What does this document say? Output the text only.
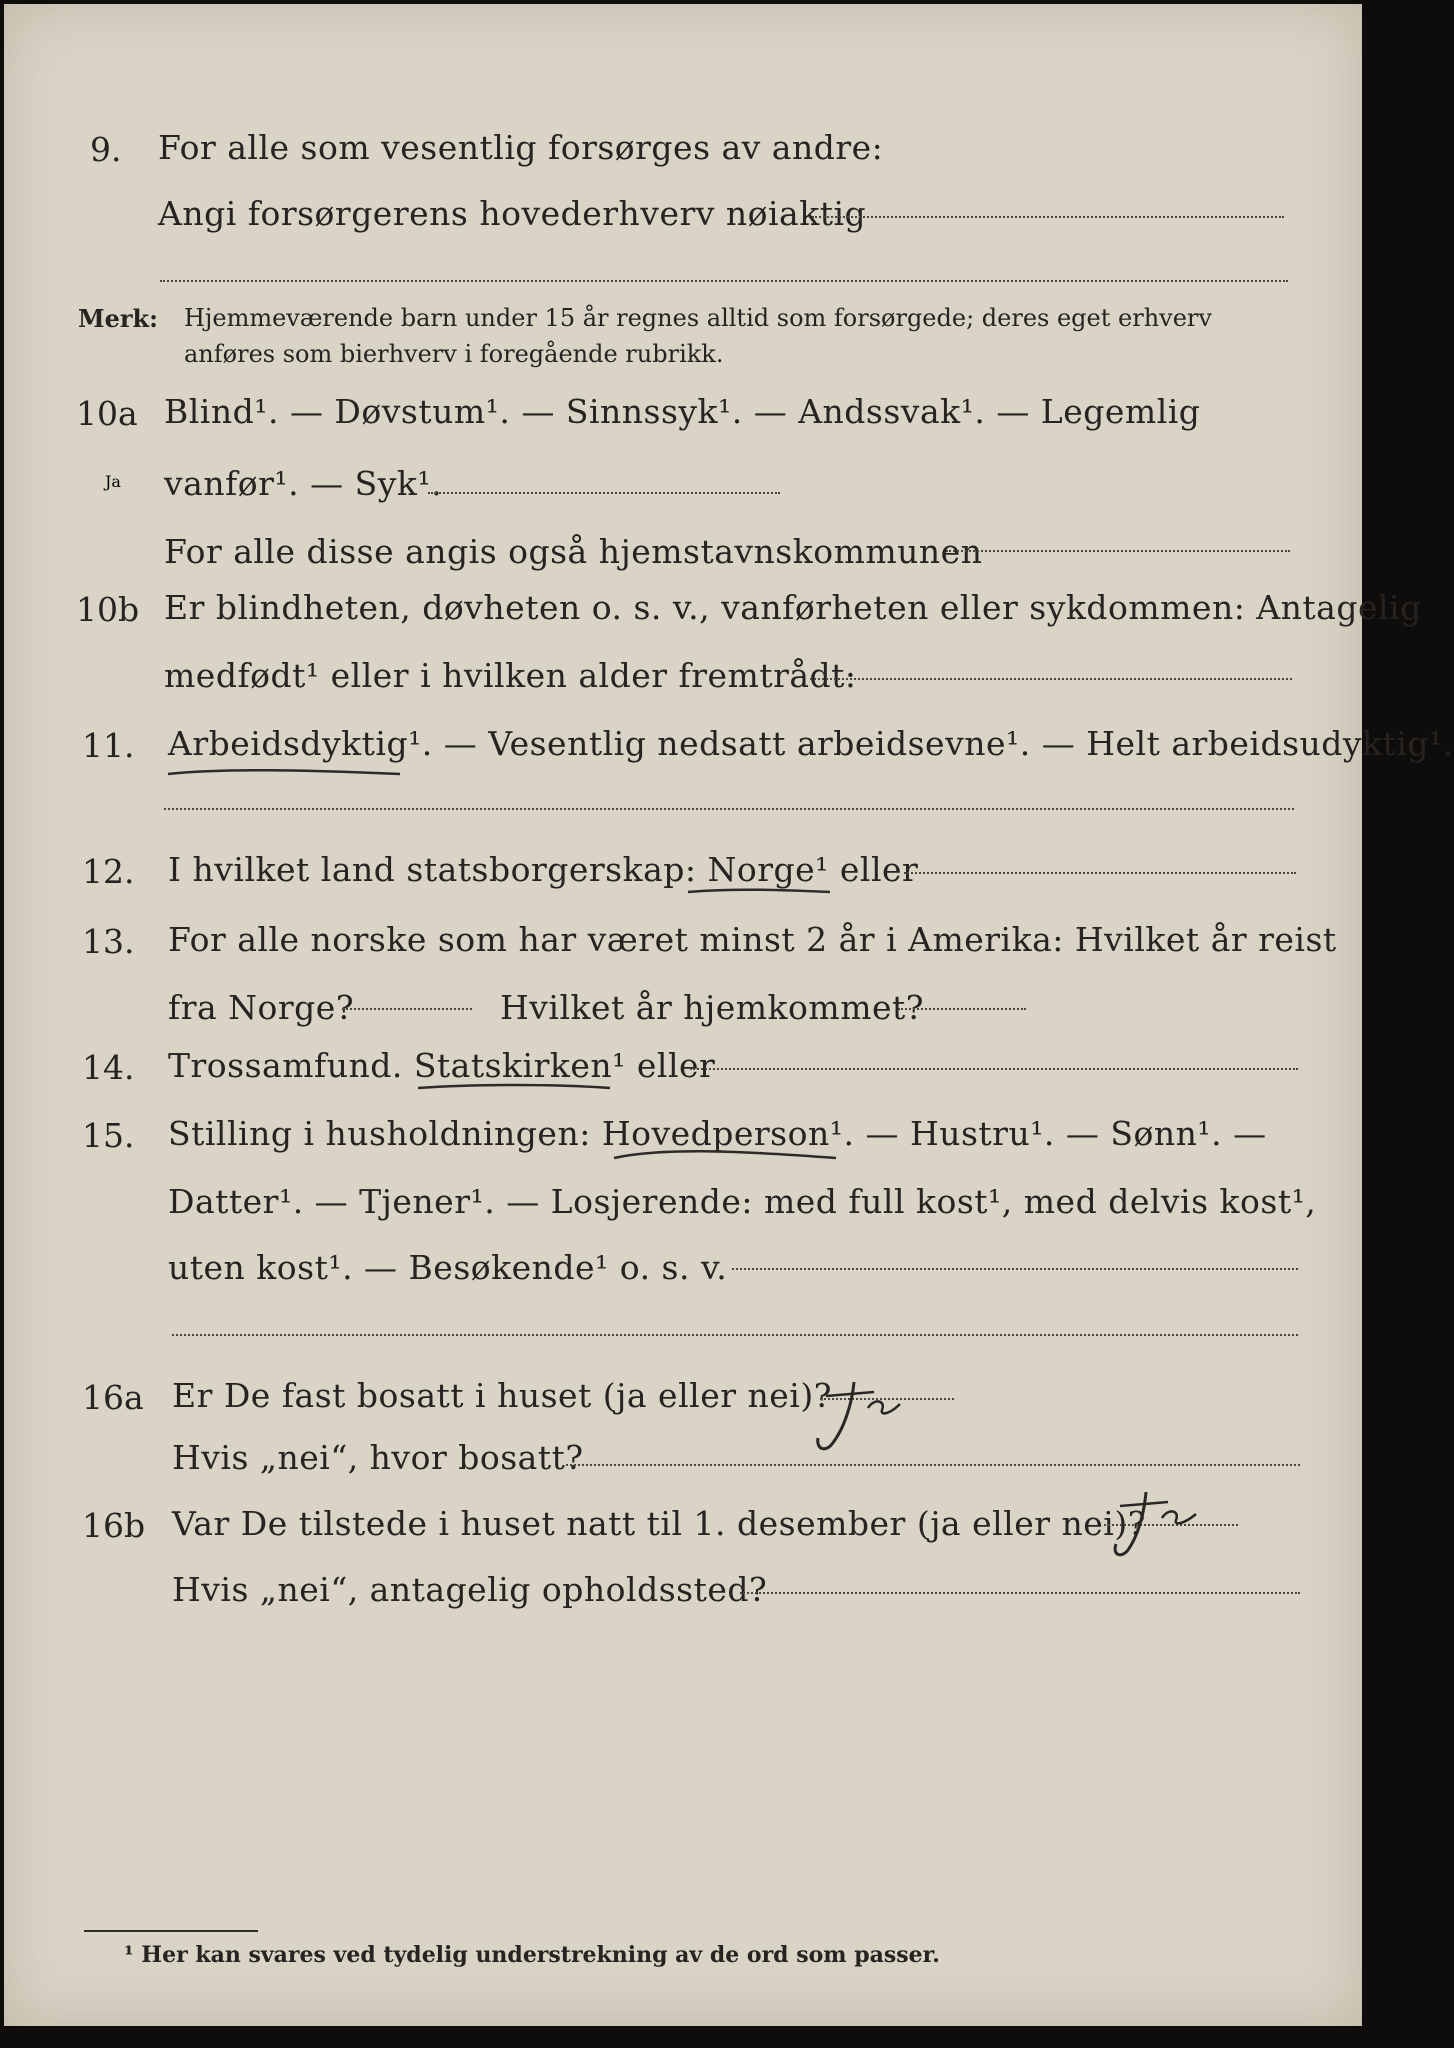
9. For alle som vesentlig forsørges av andre:
Angi forsørgerens hovederhverv nøiaktig
Merk: Hjemmeværende barn under 15 år regnes alltid som forsørgede; deres eget erhverv
anføres som bierhverv i foregående rubrikk.
10a Blind¹. — Døvstum¹. — Sinnssyk¹. — Andssvak¹. — Legemlig
vanfør¹. — Syk¹.
For alle disse angis også hjemstavnskommunen
10b Er blindheten, døvheten o. s. v., vanførheten eller sykdommen: Antagelig
medfødt¹ eller i hvilken alder fremtrådt:
11. Arbeidsdyktig¹. — Vesentlig nedsatt arbeidsevne¹. — Helt arbeidsudyktig¹.
12. I hvilket land statsborgerskap: Norge¹ eller
13. For alle norske som har været minst 2 år i Amerika: Hvilket år reist
fra Norge?	Hvilket år hjemkommet?
14. Trossamfund. Statskirken¹ eller
15. Stilling i husholdningen: Hovedperson¹. — Hustru¹. — Sønn¹. —
Datter¹. — Tjener¹. — Losjerende: med full kost¹, med delvis kost¹,
uten kost¹. — Besøkende¹ o. s. v.
16a Er De fast bosatt i huset (ja eller nei)?
Hvis „nei“, hvor bosatt?
16b Var De tilstede i huset natt til 1. desember (ja eller nei)?
Ja
Hvis „nei“, antagelig opholdssted?
¹ Her kan svares ved tydelig understrekning av de ord som passer.
